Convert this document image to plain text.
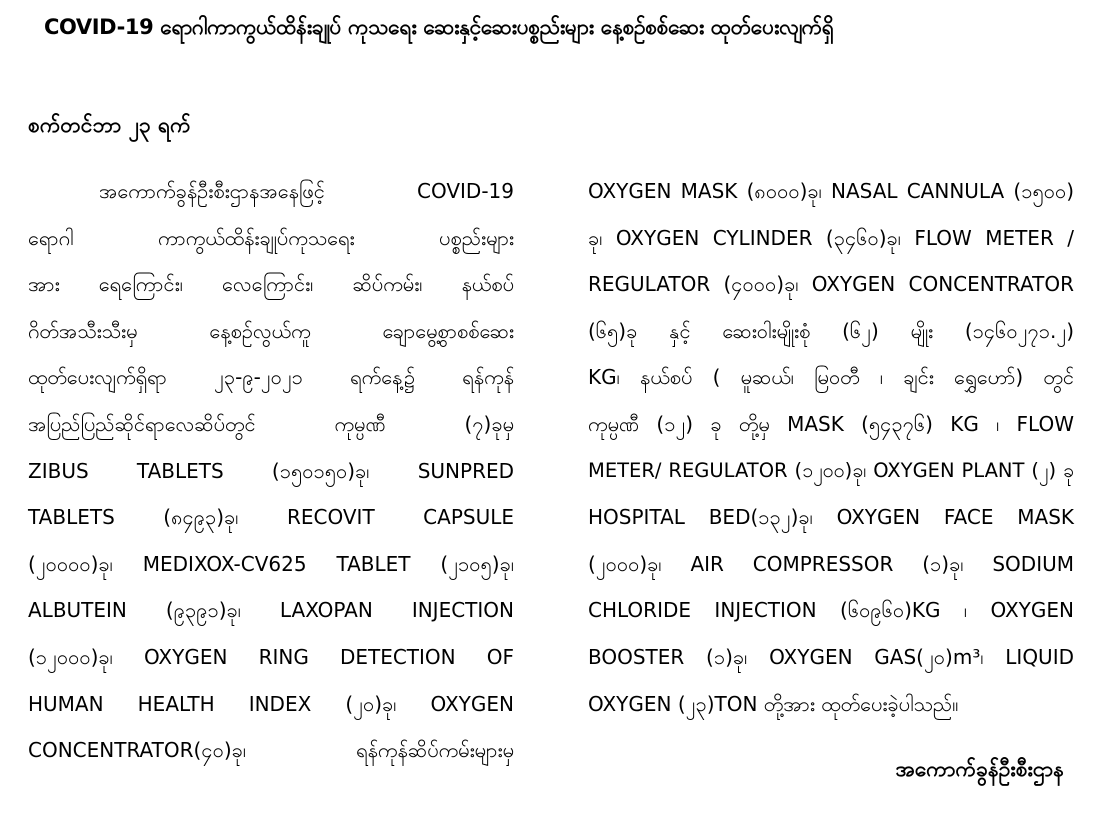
COVID-19 ရောဂါကာကွယ်ထိန်းချုပ် ကုသရေး ဆေးနှင့်ဆေးပစ္စည်းများ နေ့စဉ်စစ်ဆေး ထုတ်ပေးလျက်ရှိ
စက်တင်ဘာ ၂၃ ရက်
အကောက်ခွန်ဦးစီးဌာနအနေဖြင့် COVID-19
ရောဂါ ကာကွယ်ထိန်းချုပ်ကုသရေး ပစ္စည်းများ
အား ရေကြောင်း၊ လေကြောင်း၊ ဆိပ်ကမ်း၊ နယ်စပ်
ဂိတ်အသီးသီးမှ နေ့စဉ်လွယ်ကူ ချောမွေ့စွာစစ်ဆေး
ထုတ်ပေးလျက်ရှိရာ ၂၃-၉-၂၀၂၁ ရက်နေ့၌ ရန်ကုန်
အပြည်ပြည်ဆိုင်ရာလေဆိပ်တွင် ကုမ္ပဏီ (၇)ခုမှ
ZIBUS TABLETS (၁၅၀၁၅၀)ခု၊ SUNPRED
TABLETS (၈၄၉၃)ခု၊ RECOVIT CAPSULE
(၂၀၀၀၀)ခု၊ MEDIXOX-CV625 TABLET (၂၁၀၅)ခု၊
ALBUTEIN (၉၃၉၁)ခု၊ LAXOPAN INJECTION
(၁၂၀၀၀)ခု၊ OXYGEN RING DETECTION OF
HUMAN HEALTH INDEX (၂၀)ခု၊ OXYGEN
CONCENTRATOR(၄၀)ခု၊ ရန်ကုန်ဆိပ်ကမ်းများမှ
OXYGEN MASK (၈၀၀၀)ခု၊ NASAL CANNULA (၁၅၀၀)
ခု၊ OXYGEN CYLINDER (၃၄၆၀)ခု၊ FLOW METER /
REGULATOR (၄၀၀၀)ခု၊ OXYGEN CONCENTRATOR
(၆၅)ခု နှင့် ဆေးဝါးမျိုးစုံ (၆၂) မျိုး (၁၄၆၀၂၇၁.၂)
KG၊ နယ်စပ် ( မူဆယ်၊ မြဝတီ ၊ ချင်း ရွှေဟော်) တွင်
ကုမ္ပဏီ (၁၂) ခု တို့မှ MASK (၅၄၃၇၆) KG ၊ FLOW
METER/ REGULATOR (၁၂၀၀)ခု၊ OXYGEN PLANT (၂) ခု
HOSPITAL BED(၁၃၂)ခု၊ OXYGEN FACE MASK
(၂၀၀၀)ခု၊ AIR COMPRESSOR (၁)ခု၊ SODIUM
CHLORIDE INJECTION (၆၀၉၆၀)KG ၊ OXYGEN
BOOSTER (၁)ခု၊ OXYGEN GAS(၂၀)m³၊ LIQUID
OXYGEN (၂၃)TON တို့အား ထုတ်ပေးခဲ့ပါသည်။
အကောက်ခွန်ဦးစီးဌာန
